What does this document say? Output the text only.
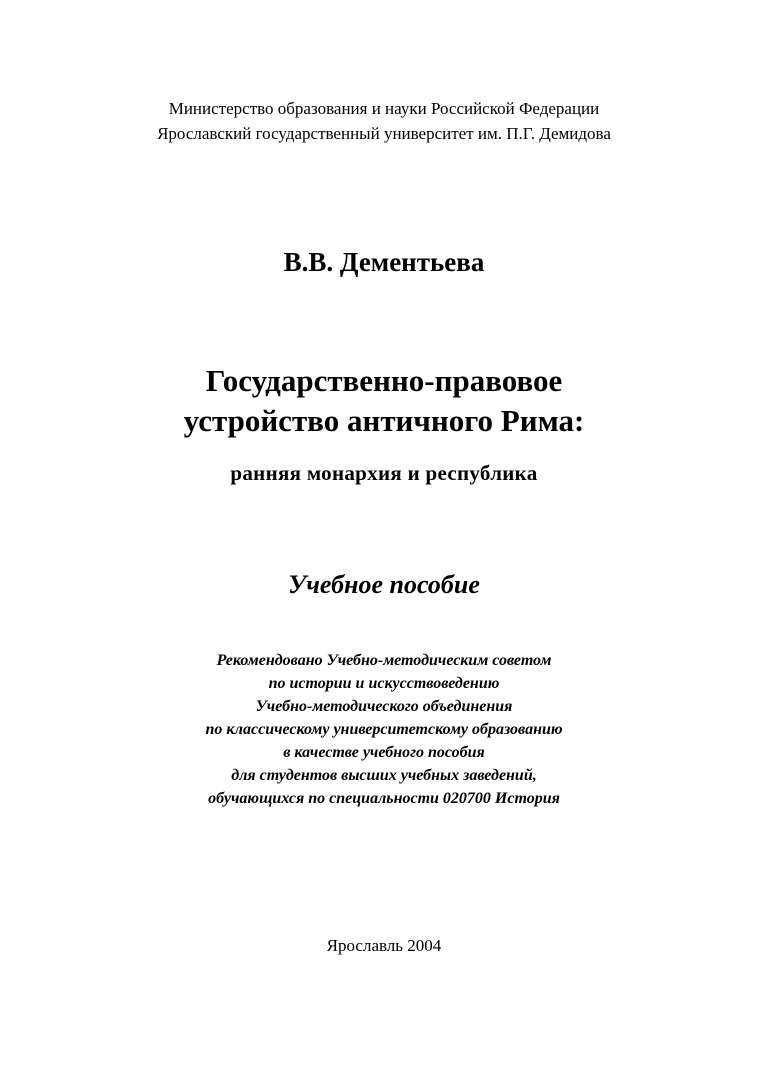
Министерство образования и науки Российской Федерации
Ярославский государственный университет им. П.Г. Демидова
В.В. Дементьева
Государственно-правовое
устройство античного Рима:
ранняя монархия и республика
Учебное пособие
Рекомендовано Учебно-методическим советом
по истории и искусствоведению
Учебно-методического объединения
по классическому университетскому образованию
в качестве учебного пособия
для студентов высших учебных заведений,
обучающихся по специальности 020700 История
Ярославль 2004
